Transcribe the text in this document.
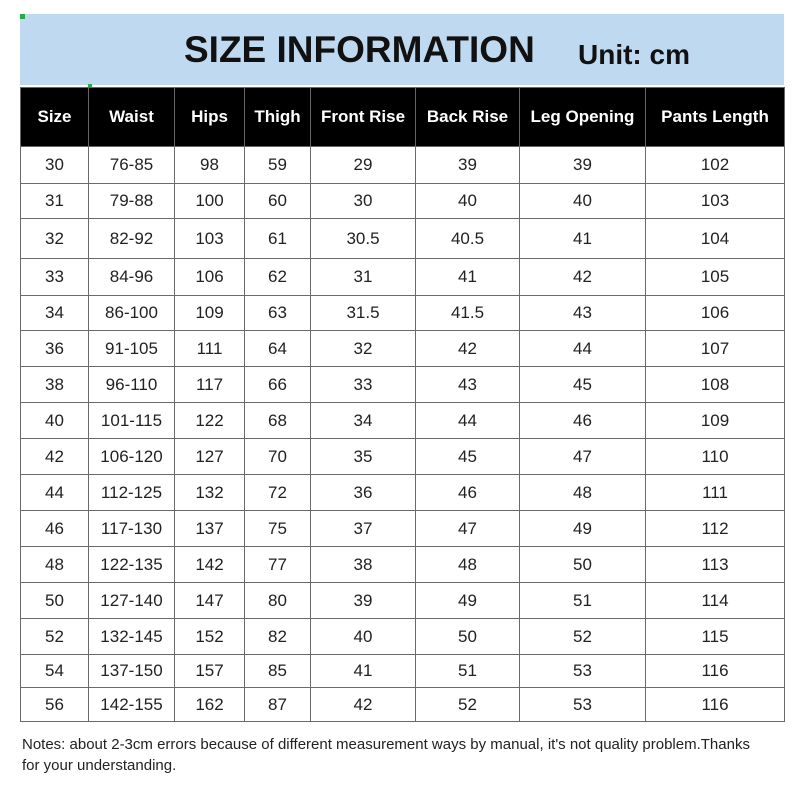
SIZE INFORMATION Unit: cm
Size	Waist	Hips	Thigh	Front Rise	Back Rise	Leg Opening	Pants Length
30	76-85	98	59	29	39	39	102
31	79-88	100	60	30	40	40	103
32	82-92	103	61	30.5	40.5	41	104
33	84-96	106	62	31	41	42	105
34	86-100	109	63	31.5	41.5	43	106
36	91-105	111	64	32	42	44	107
38	96-110	117	66	33	43	45	108
40	101-115	122	68	34	44	46	109
42	106-120	127	70	35	45	47	110
44	112-125	132	72	36	46	48	111
46	117-130	137	75	37	47	49	112
48	122-135	142	77	38	48	50	113
50	127-140	147	80	39	49	51	114
52	132-145	152	82	40	50	52	115
54	137-150	157	85	41	51	53	116
56	142-155	162	87	42	52	53	116
Notes: about 2-3cm errors because of different measurement ways by manual, it's not quality problem.Thanks for your understanding.
